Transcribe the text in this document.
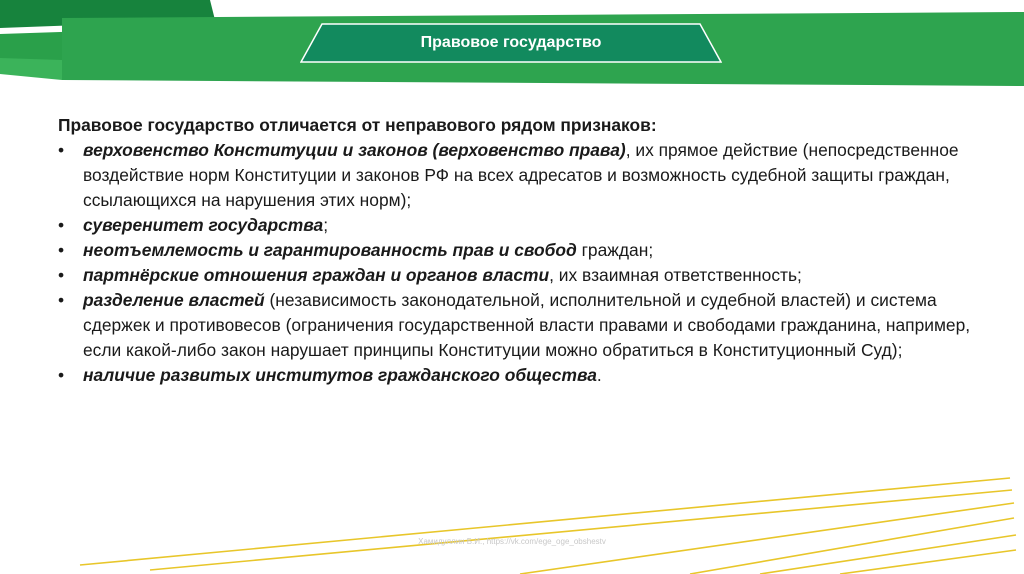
Правовое государство

Правовое государство отличается от неправового рядом признаков:

• верховенство Конституции и законов (верховенство права), их прямое действие (непосредственное воздействие норм Конституции и законов РФ на всех адресатов и возможность судебной защиты граждан, ссылающихся на нарушения этих норм);
• суверенитет государства;
• неотъемлемость и гарантированность прав и свобод граждан;
• партнёрские отношения граждан и органов власти, их взаимная ответственность;
• разделение властей (независимость законодательной, исполнительной и судебной властей) и система сдержек и противовесов (ограничения государственной власти правами и свободами гражданина, например, если какой-либо закон нарушает принципы Конституции можно обратиться в Конституционный Суд);
• наличие развитых институтов гражданского общества.
Хамидуллин Б.И., https://vk.com/ege_oge_obshestv
